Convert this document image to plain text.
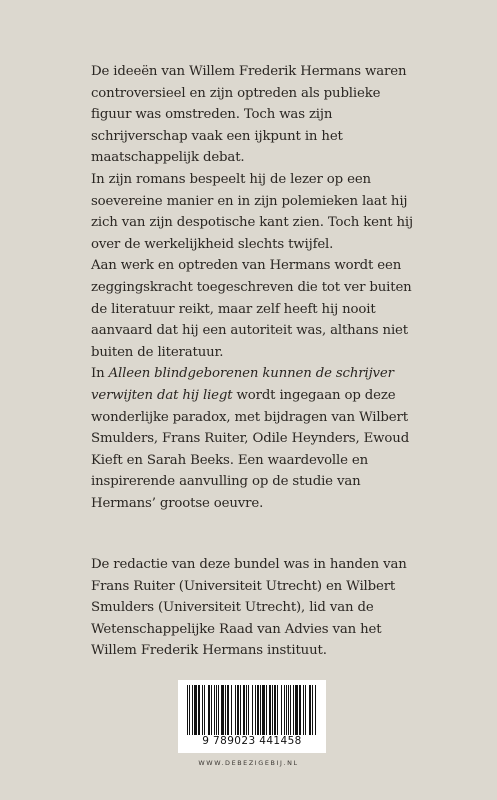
De ideeën van Willem Frederik Hermans waren controversieel en zijn optreden als publieke figuur was omstreden. Toch was zijn schrijverschap vaak een ijkpunt in het maatschappelijk debat.

In zijn romans bespeelt hij de lezer op een soevereine manier en in zijn polemieken laat hij zich van zijn despotische kant zien. Toch kent hij over de werkelijkheid slechts twijfel.

Aan werk en optreden van Hermans wordt een zeggingskracht toegeschreven die tot ver buiten de literatuur reikt, maar zelf heeft hij nooit aanvaard dat hij een autoriteit was, althans niet buiten de literatuur.

In Alleen blindgeborenen kunnen de schrijver verwijten dat hij liegt wordt ingegaan op deze wonderlijke paradox, met bijdragen van Wilbert Smulders, Frans Ruiter, Odile Heynders, Ewoud Kieft en Sarah Beeks. Een waardevolle en inspirerende aanvulling op de studie van Hermans’ grootse oeuvre.

De redactie van deze bundel was in handen van Frans Ruiter (Universiteit Utrecht) en Wilbert Smulders (Universiteit Utrecht), lid van de Wetenschappelijke Raad van Advies van het Willem Frederik Hermans instituut.

9 789023 441458
WWW.DEBEZIGEBIJ.NL
